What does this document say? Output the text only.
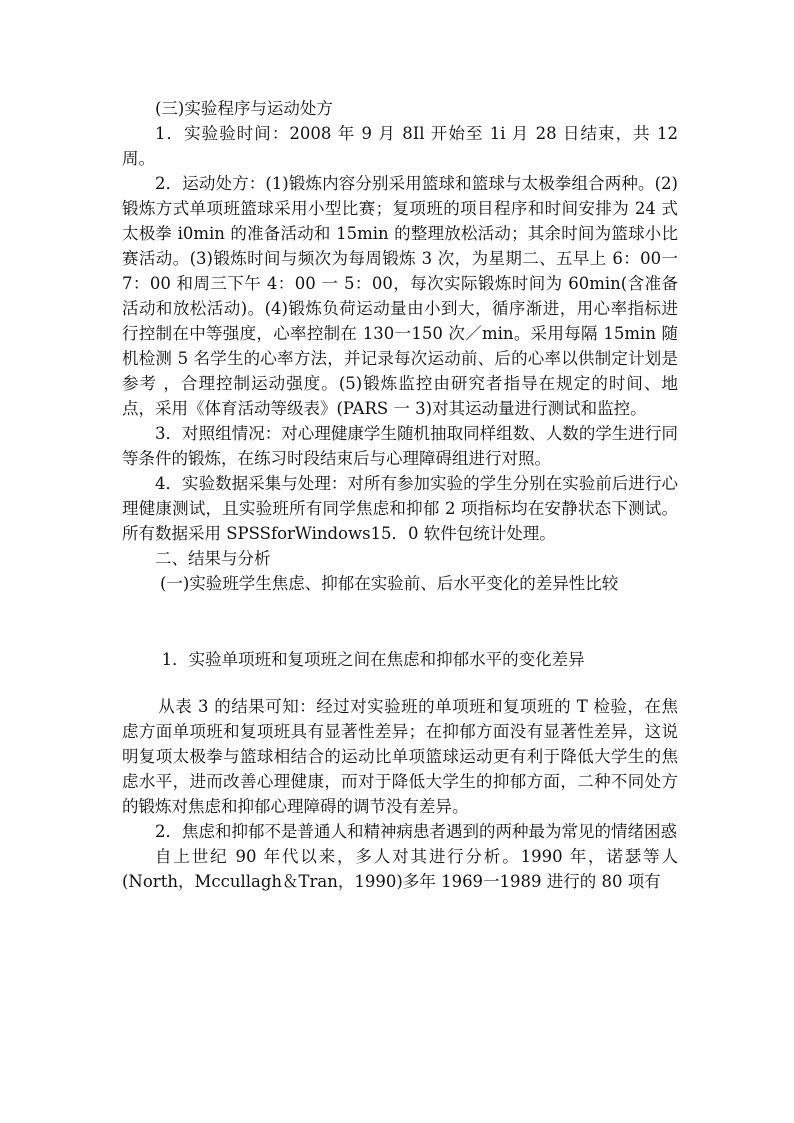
(三)实验程序与运动处方

1．实验验时间：2008 年 9 月 8Il 开始至 1i 月 28 日结束，共 12 周。

2．运动处方：(1)锻炼内容分别采用篮球和篮球与太极拳组合两种。(2)锻炼方式单项班篮球采用小型比赛；复项班的项目程序和时间安排为 24 式太极拳 i0min 的准备活动和 15min 的整理放松活动；其余时间为篮球小比赛活动。(3)锻炼时间与频次为每周锻炼 3 次，为星期二、五早上 6：00一7：00 和周三下午 4：00 一 5：00，每次实际锻炼时间为 60min(含准备活动和放松活动)。(4)锻炼负荷运动量由小到大，循序渐进，用心率指标进行控制在中等强度，心率控制在 130一150 次／min。采用每隔 15min 随机检测 5 名学生的心率方法，并记录每次运动前、后的心率以供制定计划是 参考 ，合理控制运动强度。(5)锻炼监控由研究者指导在规定的时间、地点，采用《体育活动等级表》(PARS 一 3)对其运动量进行测试和监控。

3．对照组情况：对心理健康学生随机抽取同样组数、人数的学生进行同等条件的锻炼，在练习时段结束后与心理障碍组进行对照。

4．实验数据采集与处理：对所有参加实验的学生分别在实验前后进行心理健康测试，且实验班所有同学焦虑和抑郁 2 项指标均在安静状态下测试。所有数据采用 SPSSforWindows15．0 软件包统计处理。

二、结果与分析

(一)实验班学生焦虑、抑郁在实验前、后水平变化的差异性比较

1．实验单项班和复项班之间在焦虑和抑郁水平的变化差异

从表 3 的结果可知：经过对实验班的单项班和复项班的 T 检验，在焦虑方面单项班和复项班具有显著性差异；在抑郁方面没有显著性差异，这说明复项太极拳与篮球相结合的运动比单项篮球运动更有利于降低大学生的焦虑水平，进而改善心理健康，而对于降低大学生的抑郁方面，二种不同处方的锻炼对焦虑和抑郁心理障碍的调节没有差异。

2．焦虑和抑郁不是普通人和精神病患者遇到的两种最为常见的情绪困惑

自上世纪 90 年代以来，多人对其进行分析。1990 年，诺瑟等人(North，Mccullagh＆Tran，1990)多年 1969一1989 进行的 80 项有
